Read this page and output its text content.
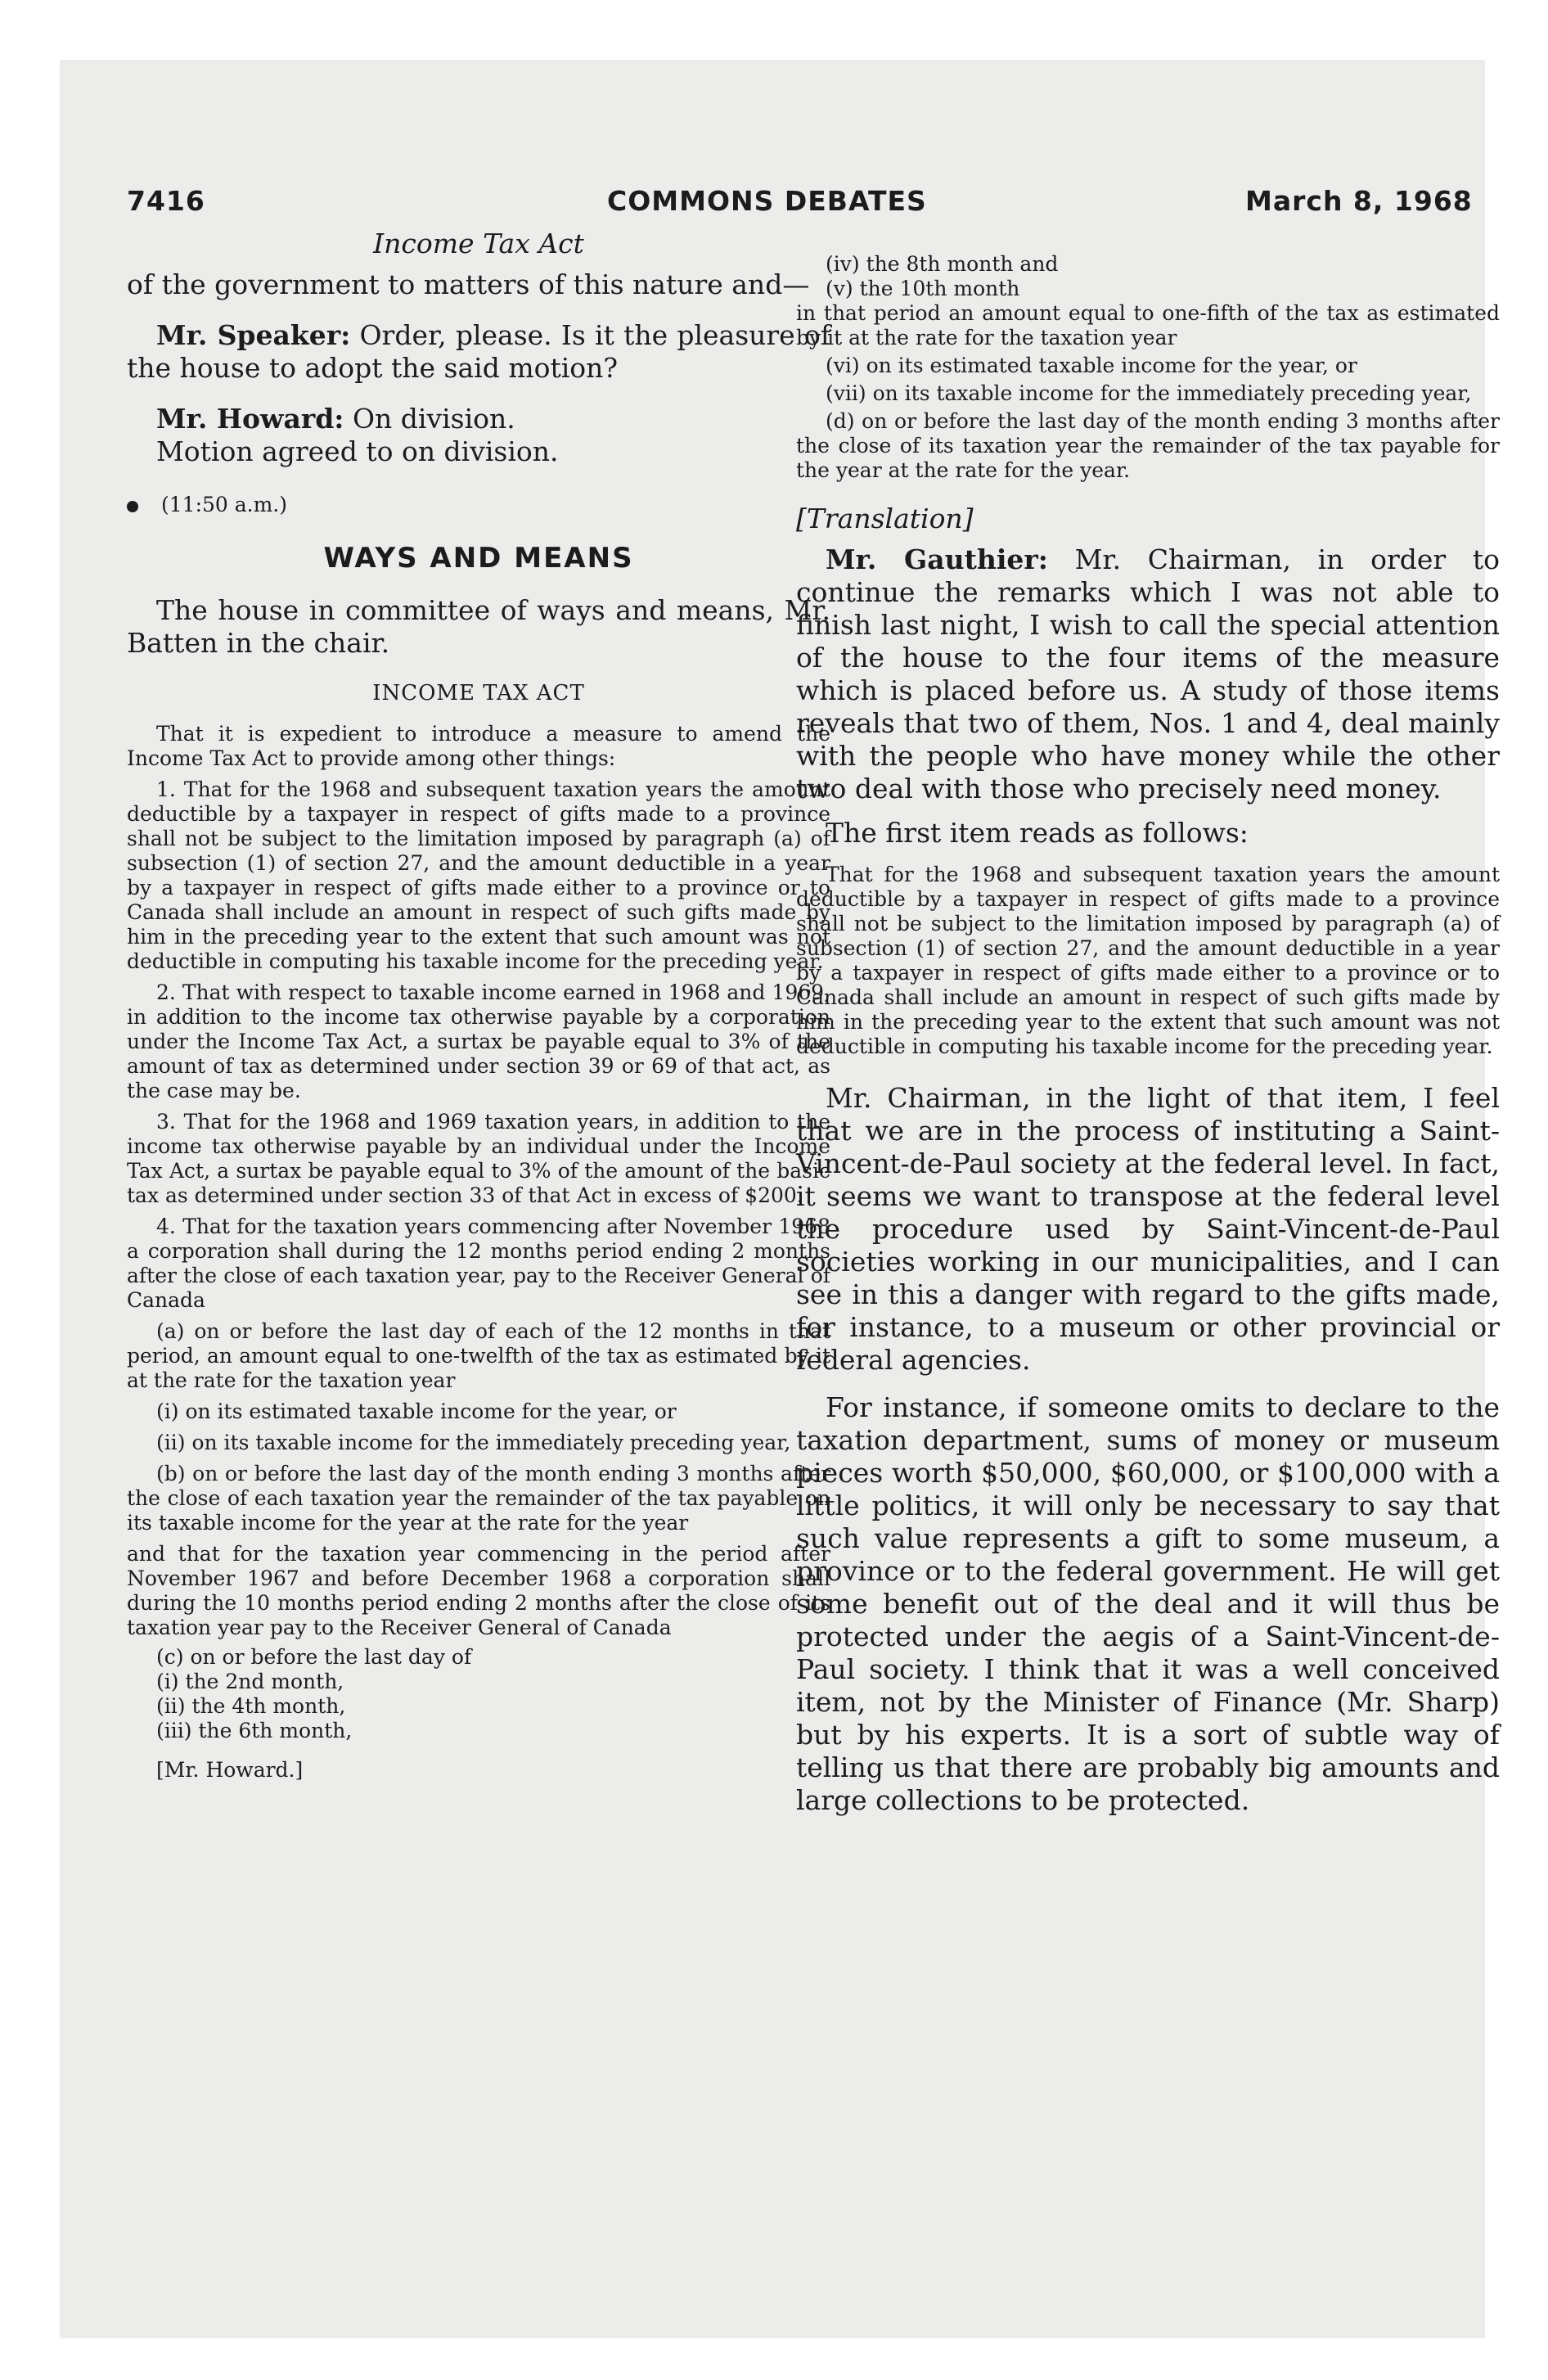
7416	COMMONS DEBATES	March 8, 1968

Income Tax Act

of the government to matters of this nature and—

Mr. Speaker: Order, please. Is it the pleasure of the house to adopt the said motion?

Mr. Howard: On division.

Motion agreed to on division.

(11:50 a.m.)

WAYS AND MEANS

The house in committee of ways and means, Mr. Batten in the chair.

INCOME TAX ACT

That it is expedient to introduce a measure to amend the Income Tax Act to provide among other things:

1. That for the 1968 and subsequent taxation years the amount deductible by a taxpayer in respect of gifts made to a province shall not be subject to the limitation imposed by paragraph (a) of subsection (1) of section 27, and the amount deductible in a year by a taxpayer in respect of gifts made either to a province or to Canada shall include an amount in respect of such gifts made by him in the preceding year to the extent that such amount was not deductible in computing his taxable income for the preceding year.

2. That with respect to taxable income earned in 1968 and 1969, in addition to the income tax otherwise payable by a corporation under the Income Tax Act, a surtax be payable equal to 3% of the amount of tax as determined under section 39 or 69 of that act, as the case may be.

3. That for the 1968 and 1969 taxation years, in addition to the income tax otherwise payable by an individual under the Income Tax Act, a surtax be payable equal to 3% of the amount of the basic tax as determined under section 33 of that Act in excess of $200.

4. That for the taxation years commencing after November 1968 a corporation shall during the 12 months period ending 2 months after the close of each taxation year, pay to the Receiver General of Canada

(a) on or before the last day of each of the 12 months in that period, an amount equal to one-twelfth of the tax as estimated by it at the rate for the taxation year

(i) on its estimated taxable income for the year, or

(ii) on its taxable income for the immediately preceding year,

(b) on or before the last day of the month ending 3 months after the close of each taxation year the remainder of the tax payable on its taxable income for the year at the rate for the year

and that for the taxation year commencing in the period after November 1967 and before December 1968 a corporation shall during the 10 months period ending 2 months after the close of its taxation year pay to the Receiver General of Canada

(c) on or before the last day of

(i) the 2nd month,

(ii) the 4th month,

(iii) the 6th month,

[Mr. Howard.]

(iv) the 8th month and

(v) the 10th month

in that period an amount equal to one-fifth of the tax as estimated by it at the rate for the taxation year

(vi) on its estimated taxable income for the year, or

(vii) on its taxable income for the immediately preceding year,

(d) on or before the last day of the month ending 3 months after the close of its taxation year the remainder of the tax payable for the year at the rate for the year.

[Translation]

Mr. Gauthier: Mr. Chairman, in order to continue the remarks which I was not able to finish last night, I wish to call the special attention of the house to the four items of the measure which is placed before us. A study of those items reveals that two of them, Nos. 1 and 4, deal mainly with the people who have money while the other two deal with those who precisely need money.

The first item reads as follows:

That for the 1968 and subsequent taxation years the amount deductible by a taxpayer in respect of gifts made to a province shall not be subject to the limitation imposed by paragraph (a) of subsection (1) of section 27, and the amount deductible in a year by a taxpayer in respect of gifts made either to a province or to Canada shall include an amount in respect of such gifts made by him in the preceding year to the extent that such amount was not deductible in computing his taxable income for the preceding year.

Mr. Chairman, in the light of that item, I feel that we are in the process of instituting a Saint-Vincent-de-Paul society at the federal level. In fact, it seems we want to transpose at the federal level the procedure used by Saint-Vincent-de-Paul societies working in our municipalities, and I can see in this a danger with regard to the gifts made, for instance, to a museum or other provincial or federal agencies.

For instance, if someone omits to declare to the taxation department, sums of money or museum pieces worth $50,000, $60,000, or $100,000 with a little politics, it will only be necessary to say that such value represents a gift to some museum, a province or to the federal government. He will get some benefit out of the deal and it will thus be protected under the aegis of a Saint-Vincent-de-Paul society. I think that it was a well conceived item, not by the Minister of Finance (Mr. Sharp) but by his experts. It is a sort of subtle way of telling us that there are probably big amounts and large collections to be protected.
